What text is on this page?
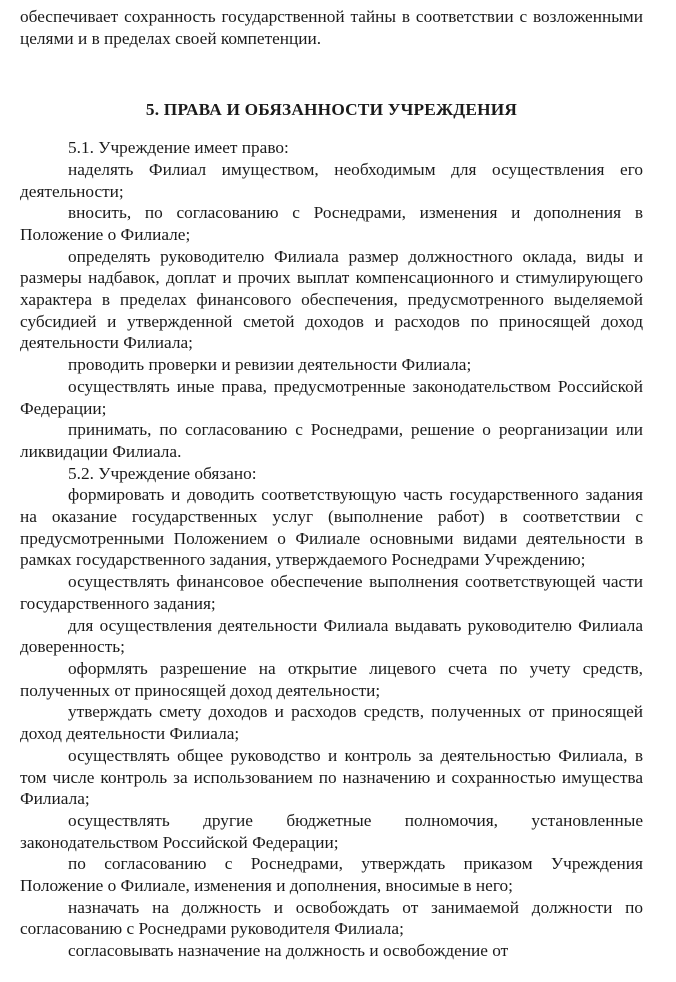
обеспечивает сохранность государственной тайны в соответствии с возложенными целями и в пределах своей компетенции.

5. ПРАВА И ОБЯЗАННОСТИ УЧРЕЖДЕНИЯ

5.1. Учреждение имеет право:

наделять Филиал имуществом, необходимым для осуществления его деятельности;

вносить, по согласованию с Роснедрами, изменения и дополнения в Положение о Филиале;

определять руководителю Филиала размер должностного оклада, виды и размеры надбавок, доплат и прочих выплат компенсационного и стимулирующего характера в пределах финансового обеспечения, предусмотренного выделяемой субсидией и утвержденной сметой доходов и расходов по приносящей доход деятельности Филиала;

проводить проверки и ревизии деятельности Филиала;

осуществлять иные права, предусмотренные законодательством Российской Федерации;

принимать, по согласованию с Роснедрами, решение о реорганизации или ликвидации Филиала.

5.2. Учреждение обязано:

формировать и доводить соответствующую часть государственного задания на оказание государственных услуг (выполнение работ) в соответствии с предусмотренными Положением о Филиале основными видами деятельности в рамках государственного задания, утверждаемого Роснедрами Учреждению;

осуществлять финансовое обеспечение выполнения соответствующей части государственного задания;

для осуществления деятельности Филиала выдавать руководителю Филиала доверенность;

оформлять разрешение на открытие лицевого счета по учету средств, полученных от приносящей доход деятельности;

утверждать смету доходов и расходов средств, полученных от приносящей доход деятельности Филиала;

осуществлять общее руководство и контроль за деятельностью Филиала, в том числе контроль за использованием по назначению и сохранностью имущества Филиала;

осуществлять другие бюджетные полномочия, установленные законодательством Российской Федерации;

по согласованию с Роснедрами, утверждать приказом Учреждения Положение о Филиале, изменения и дополнения, вносимые в него;

назначать на должность и освобождать от занимаемой должности по согласованию с Роснедрами руководителя Филиала;

согласовывать назначение на должность и освобождение от
